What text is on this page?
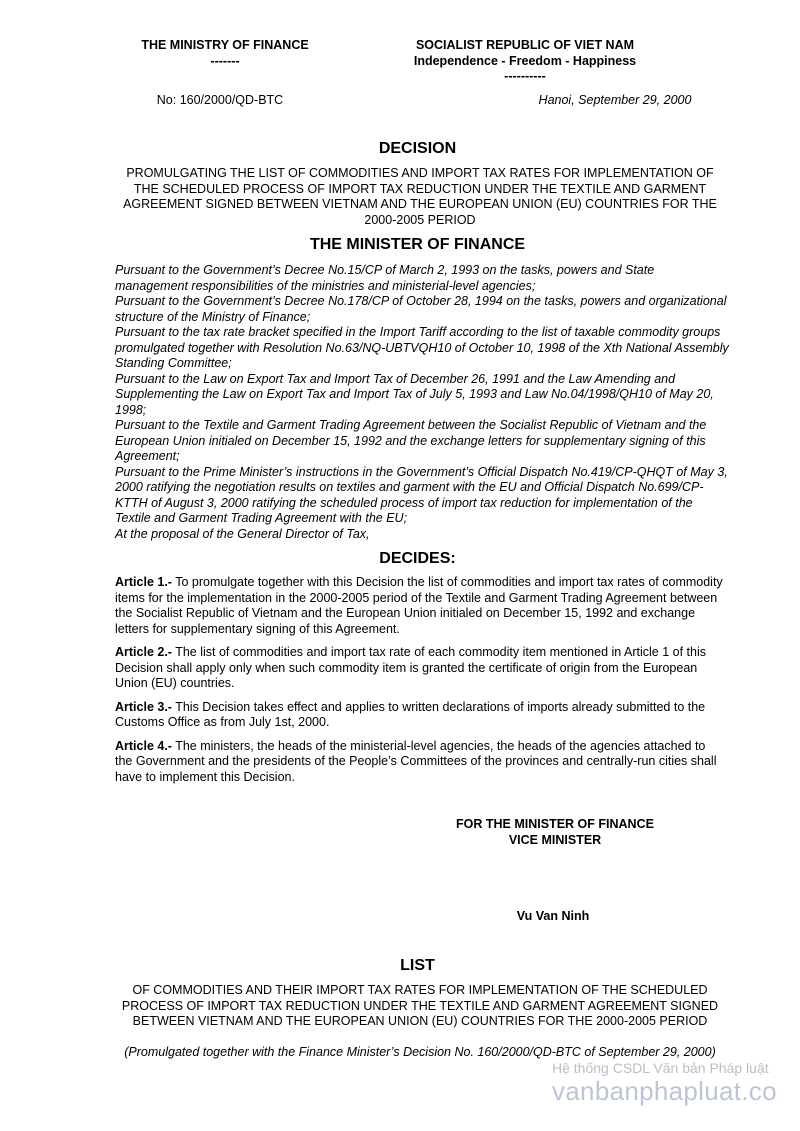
THE MINISTRY OF FINANCE
-------
SOCIALIST REPUBLIC OF VIET NAM
Independence - Freedom - Happiness
----------
No: 160/2000/QD-BTC	Hanoi, September 29, 2000
DECISION
PROMULGATING THE LIST OF COMMODITIES AND IMPORT TAX RATES FOR IMPLEMENTATION OF THE SCHEDULED PROCESS OF IMPORT TAX REDUCTION UNDER THE TEXTILE AND GARMENT AGREEMENT SIGNED BETWEEN VIETNAM AND THE EUROPEAN UNION (EU) COUNTRIES FOR THE 2000-2005 PERIOD
THE MINISTER OF FINANCE

Pursuant to the Government’s Decree No.15/CP of March 2, 1993 on the tasks, powers and State management responsibilities of the ministries and ministerial-level agencies;

Pursuant to the Government’s Decree No.178/CP of October 28, 1994 on the tasks, powers and organizational structure of the Ministry of Finance;

Pursuant to the tax rate bracket specified in the Import Tariff according to the list of taxable commodity groups promulgated together with Resolution No.63/NQ-UBTVQH10 of October 10, 1998 of the Xth National Assembly Standing Committee;

Pursuant to the Law on Export Tax and Import Tax of December 26, 1991 and the Law Amending and Supplementing the Law on Export Tax and Import Tax of July 5, 1993 and Law No.04/1998/QH10 of May 20, 1998;

Pursuant to the Textile and Garment Trading Agreement between the Socialist Republic of Vietnam and the European Union initialed on December 15, 1992 and the exchange letters for supplementary signing of this Agreement;

Pursuant to the Prime Minister’s instructions in the Government’s Official Dispatch No.419/CP-QHQT of May 3, 2000 ratifying the negotiation results on textiles and garment with the EU and Official Dispatch No.699/CP-KTTH of August 3, 2000 ratifying the scheduled process of import tax reduction for implementation of the Textile and Garment Trading Agreement with the EU;

At the proposal of the General Director of Tax,

DECIDES:

Article 1.- To promulgate together with this Decision the list of commodities and import tax rates of commodity items for the implementation in the 2000-2005 period of the Textile and Garment Trading Agreement between the Socialist Republic of Vietnam and the European Union initialed on December 15, 1992 and exchange letters for supplementary signing of this Agreement.

Article 2.- The list of commodities and import tax rate of each commodity item mentioned in Article 1 of this Decision shall apply only when such commodity item is granted the certificate of origin from the European Union (EU) countries.

Article 3.- This Decision takes effect and applies to written declarations of imports already submitted to the Customs Office as from July 1st, 2000.

Article 4.- The ministers, the heads of the ministerial-level agencies, the heads of the agencies attached to the Government and the presidents of the People’s Committees of the provinces and centrally-run cities shall have to implement this Decision.

FOR THE MINISTER OF FINANCE
VICE MINISTER
Vu Van Ninh
LIST
OF COMMODITIES AND THEIR IMPORT TAX RATES FOR IMPLEMENTATION OF THE SCHEDULED PROCESS OF IMPORT TAX REDUCTION UNDER THE TEXTILE AND GARMENT AGREEMENT SIGNED BETWEEN VIETNAM AND THE EUROPEAN UNION (EU) COUNTRIES FOR THE 2000-2005 PERIOD
(Promulgated together with the Finance Minister’s Decision No. 160/2000/QD-BTC of September 29, 2000)
Hệ thống CSDL Văn bản Pháp luật
vanbanphapluat.co
